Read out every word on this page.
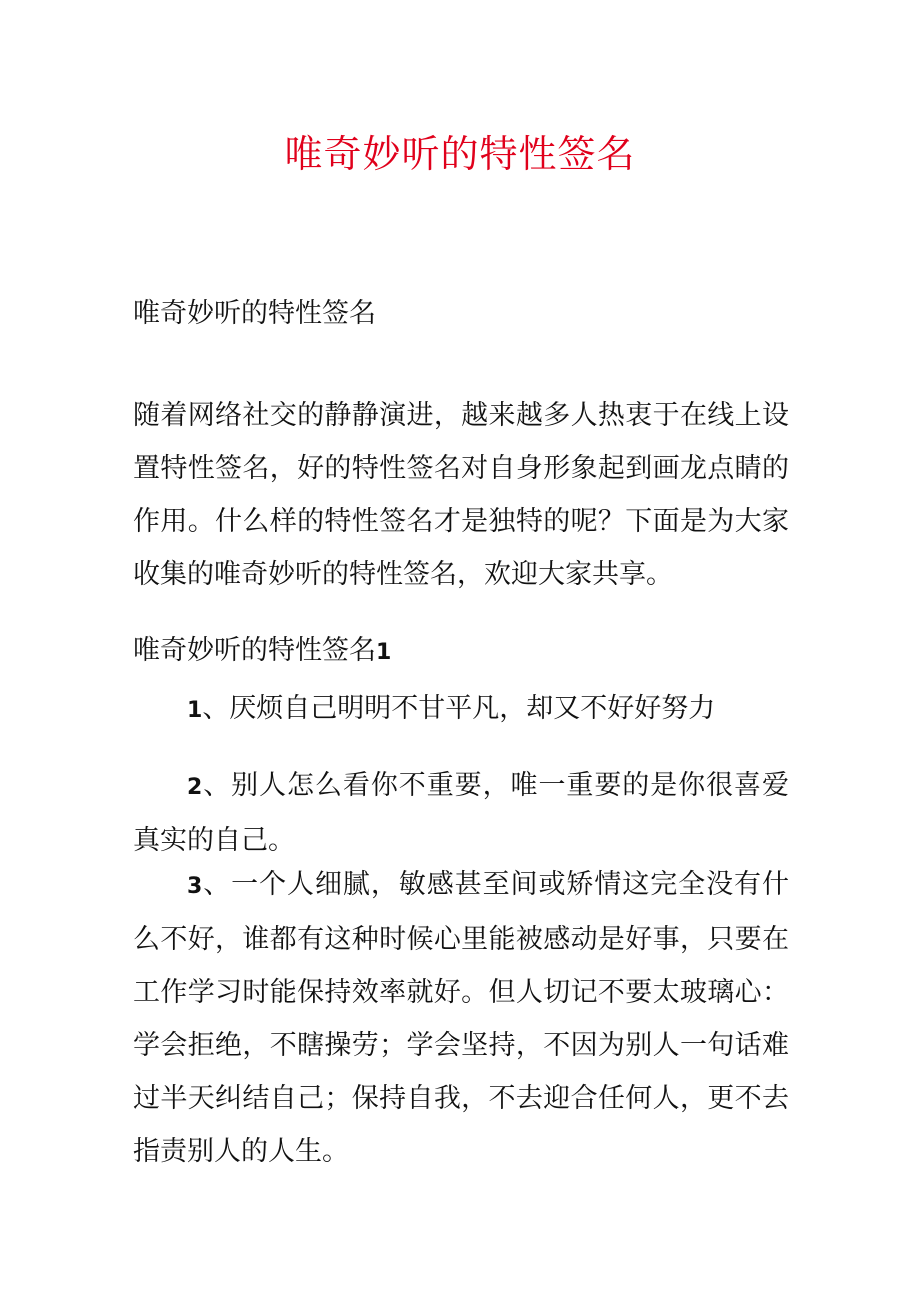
唯奇妙听的特性签名

唯奇妙听的特性签名

随着网络社交的静静演进，越来越多人热衷于在线上设置特性签名，好的特性签名对自身形象起到画龙点睛的作用。什么样的特性签名才是独特的呢？下面是为大家收集的唯奇妙听的特性签名，欢迎大家共享。

唯奇妙听的特性签名1

1、厌烦自己明明不甘平凡，却又不好好努力

2、别人怎么看你不重要，唯一重要的是你很喜爱真实的自己。

3、一个人细腻，敏感甚至间或矫情这完全没有什么不好，谁都有这种时候心里能被感动是好事，只要在工作学习时能保持效率就好。但人切记不要太玻璃心：学会拒绝，不瞎操劳；学会坚持，不因为别人一句话难过半天纠结自己；保持自我，不去迎合任何人，更不去指责别人的人生。
